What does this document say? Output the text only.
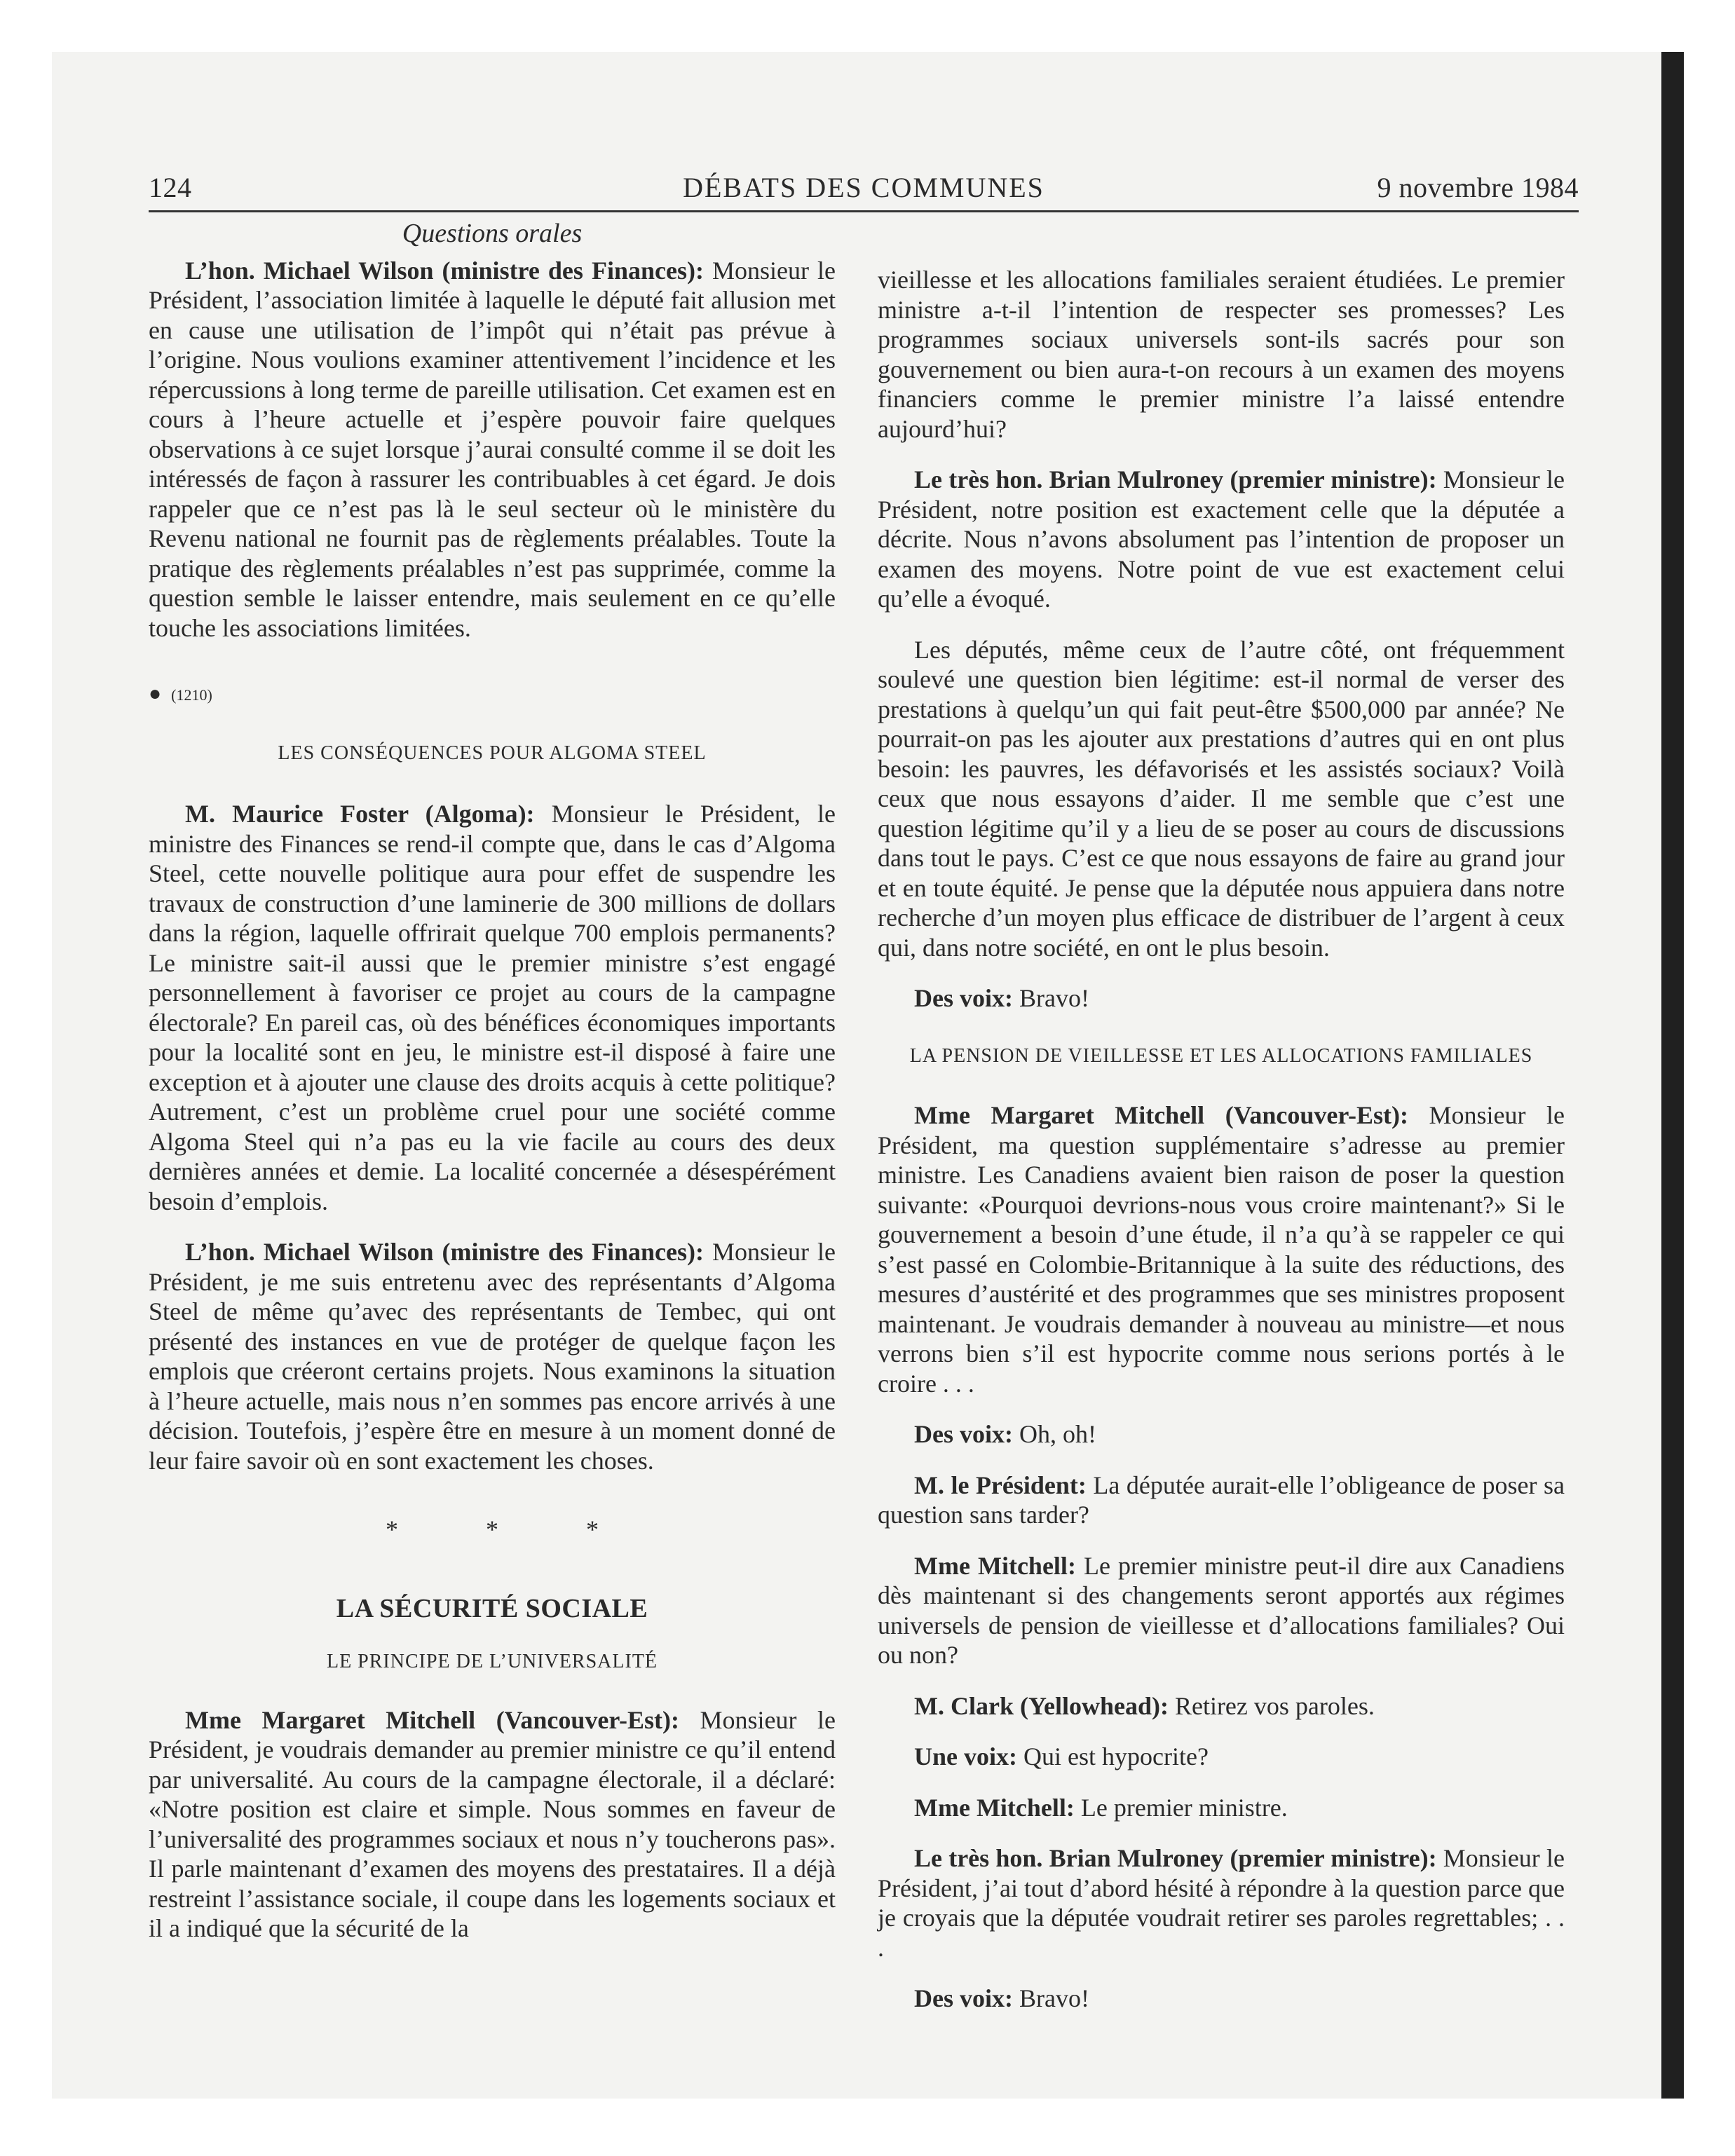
124	DÉBATS DES COMMUNES	9 novembre 1984
Questions orales

L’hon. Michael Wilson (ministre des Finances): Monsieur le Président, l’association limitée à laquelle le député fait allusion met en cause une utilisation de l’impôt qui n’était pas prévue à l’origine. Nous voulions examiner attentivement l’incidence et les répercussions à long terme de pareille utilisation. Cet examen est en cours à l’heure actuelle et j’espère pouvoir faire quelques observations à ce sujet lorsque j’aurai consulté comme il se doit les intéressés de façon à rassurer les contribuables à cet égard. Je dois rappeler que ce n’est pas là le seul secteur où le ministère du Revenu national ne fournit pas de règlements préalables. Toute la pratique des règlements préalables n’est pas supprimée, comme la question semble le laisser entendre, mais seulement en ce qu’elle touche les associations limitées.

● (1210)
LES CONSÉQUENCES POUR ALGOMA STEEL

M. Maurice Foster (Algoma): Monsieur le Président, le ministre des Finances se rend-il compte que, dans le cas d’Algoma Steel, cette nouvelle politique aura pour effet de suspendre les travaux de construction d’une laminerie de 300 millions de dollars dans la région, laquelle offrirait quelque 700 emplois permanents? Le ministre sait-il aussi que le premier ministre s’est engagé personnellement à favoriser ce projet au cours de la campagne électorale? En pareil cas, où des bénéfices économiques importants pour la localité sont en jeu, le ministre est-il disposé à faire une exception et à ajouter une clause des droits acquis à cette politique? Autrement, c’est un problème cruel pour une société comme Algoma Steel qui n’a pas eu la vie facile au cours des deux dernières années et demie. La localité concernée a désespérément besoin d’emplois.

L’hon. Michael Wilson (ministre des Finances): Monsieur le Président, je me suis entretenu avec des représentants d’Algoma Steel de même qu’avec des représentants de Tembec, qui ont présenté des instances en vue de protéger de quelque façon les emplois que créeront certains projets. Nous examinons la situation à l’heure actuelle, mais nous n’en sommes pas encore arrivés à une décision. Toutefois, j’espère être en mesure à un moment donné de leur faire savoir où en sont exactement les choses.

* * *
LA SÉCURITÉ SOCIALE
LE PRINCIPE DE L’UNIVERSALITÉ

Mme Margaret Mitchell (Vancouver-Est): Monsieur le Président, je voudrais demander au premier ministre ce qu’il entend par universalité. Au cours de la campagne électorale, il a déclaré: «Notre position est claire et simple. Nous sommes en faveur de l’universalité des programmes sociaux et nous n’y toucherons pas». Il parle maintenant d’examen des moyens des prestataires. Il a déjà restreint l’assistance sociale, il coupe dans les logements sociaux et il a indiqué que la sécurité de la

vieillesse et les allocations familiales seraient étudiées. Le premier ministre a-t-il l’intention de respecter ses promesses? Les programmes sociaux universels sont-ils sacrés pour son gouvernement ou bien aura-t-on recours à un examen des moyens financiers comme le premier ministre l’a laissé entendre aujourd’hui?

Le très hon. Brian Mulroney (premier ministre): Monsieur le Président, notre position est exactement celle que la députée a décrite. Nous n’avons absolument pas l’intention de proposer un examen des moyens. Notre point de vue est exactement celui qu’elle a évoqué.

Les députés, même ceux de l’autre côté, ont fréquemment soulevé une question bien légitime: est-il normal de verser des prestations à quelqu’un qui fait peut-être $500,000 par année? Ne pourrait-on pas les ajouter aux prestations d’autres qui en ont plus besoin: les pauvres, les défavorisés et les assistés sociaux? Voilà ceux que nous essayons d’aider. Il me semble que c’est une question légitime qu’il y a lieu de se poser au cours de discussions dans tout le pays. C’est ce que nous essayons de faire au grand jour et en toute équité. Je pense que la députée nous appuiera dans notre recherche d’un moyen plus efficace de distribuer de l’argent à ceux qui, dans notre société, en ont le plus besoin.

Des voix: Bravo!

LA PENSION DE VIEILLESSE ET LES ALLOCATIONS FAMILIALES

Mme Margaret Mitchell (Vancouver-Est): Monsieur le Président, ma question supplémentaire s’adresse au premier ministre. Les Canadiens avaient bien raison de poser la question suivante: «Pourquoi devrions-nous vous croire maintenant?» Si le gouvernement a besoin d’une étude, il n’a qu’à se rappeler ce qui s’est passé en Colombie-Britannique à la suite des réductions, des mesures d’austérité et des programmes que ses ministres proposent maintenant. Je voudrais demander à nouveau au ministre—et nous verrons bien s’il est hypocrite comme nous serions portés à le croire . . .

Des voix: Oh, oh!

M. le Président: La députée aurait-elle l’obligeance de poser sa question sans tarder?

Mme Mitchell: Le premier ministre peut-il dire aux Canadiens dès maintenant si des changements seront apportés aux régimes universels de pension de vieillesse et d’allocations familiales? Oui ou non?

M. Clark (Yellowhead): Retirez vos paroles.

Une voix: Qui est hypocrite?

Mme Mitchell: Le premier ministre.

Le très hon. Brian Mulroney (premier ministre): Monsieur le Président, j’ai tout d’abord hésité à répondre à la question parce que je croyais que la députée voudrait retirer ses paroles regrettables; . . .

Des voix: Bravo!
